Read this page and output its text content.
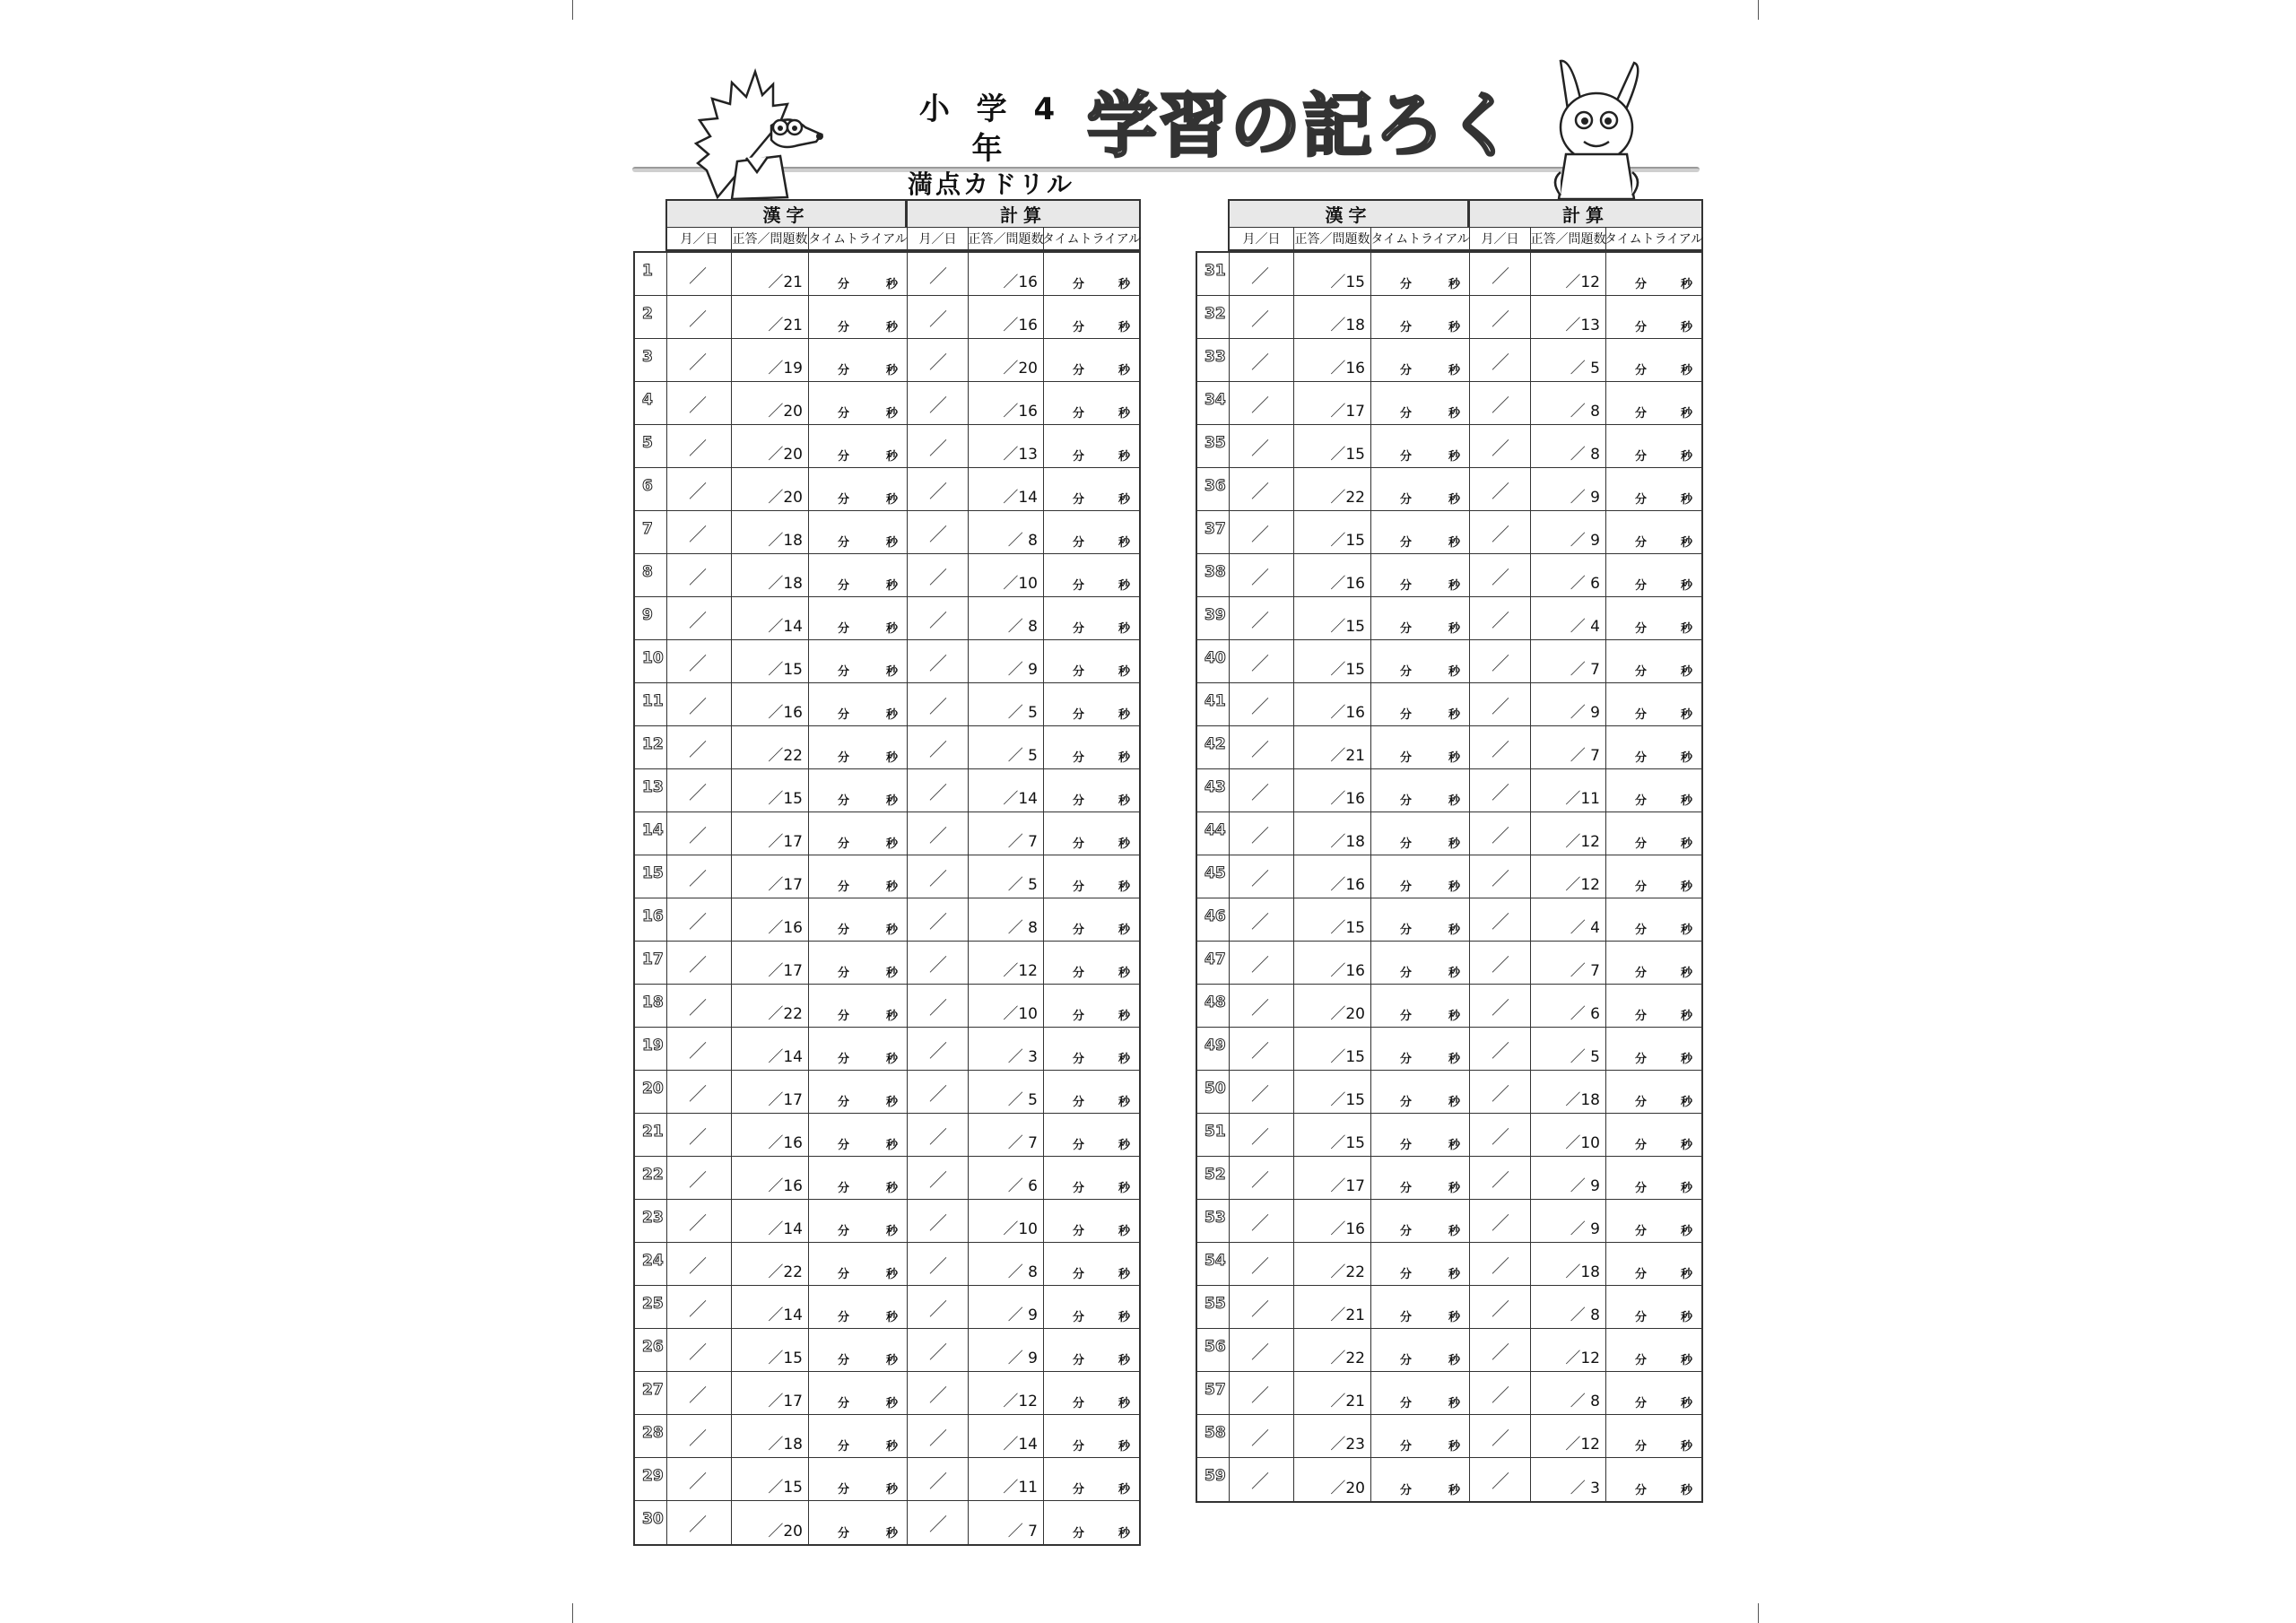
小 学 4 年
満点カドリル
学習の記ろく
漢字	計算
月／日	正答／問題数 タイムトライアル 月／日 正答／問題数
タイムトライアル
1	／	／21	分	秒 ／	／16	分	秒
2	／	／21	分	秒 ／	／16	分	秒
3	／	／19	分	秒 ／	／20	分	秒
4	／	／20	分	秒 ／	／16	分	秒
5	／	／20	分	秒 ／	／13	分	秒
6	／	／20	分	秒 ／	／14	分	秒
7	／	／18	分	秒 ／	／ 8	分	秒
8	／	／18	分	秒 ／	／10	分	秒
9	／	／14	分	秒 ／	／ 8	分	秒
10 ／	／15	分	秒 ／	／ 9	分	秒
11 ／	／16	分	秒 ／	／ 5	分	秒
12 ／	／22	分	秒 ／	／ 5	分	秒
13 ／	／15	分	秒 ／	／14	分	秒
14 ／	／17	分	秒 ／	／ 7	分	秒
15 ／	／17	分	秒 ／	／ 5	分	秒
16 ／	／16	分	秒 ／	／ 8	分	秒
17 ／	／17	分	秒 ／	／12	分	秒
18 ／	／22	分	秒 ／	／10	分	秒
19 ／	／14	分	秒 ／	／ 3	分	秒
20 ／	／17	分	秒 ／	／ 5	分	秒
21 ／	／16	分	秒 ／	／ 7	分	秒
22 ／	／16	分	秒 ／	／ 6	分	秒
23 ／	／14	分	秒 ／	／10	分	秒
24 ／	／22	分	秒 ／	／ 8	分	秒
25 ／	／14	分	秒 ／	／ 9	分	秒
26 ／	／15	分	秒 ／	／ 9	分	秒
27 ／	／17	分	秒 ／	／12	分	秒
28 ／	／18	分	秒 ／	／14	分	秒
29 ／	／15	分	秒 ／	／11	分	秒
30 ／	／20	分	秒 ／	／ 7	分	秒
漢字	計算
月／日	正答／問題数 タイムトライアル 月／日 正答／問題数
タイムトライアル
31 ／	／15	分	秒 ／	／12	分	秒
32 ／	／18	分	秒 ／	／13	分	秒
33 ／	／16	分	秒 ／	／ 5	分	秒
34 ／	／17	分	秒 ／	／ 8	分	秒
35 ／	／15	分	秒 ／	／ 8	分	秒
36 ／	／22	分	秒 ／	／ 9	分	秒
37 ／	／15	分	秒 ／	／ 9	分	秒
38 ／	／16	分	秒 ／	／ 6	分	秒
39 ／	／15	分	秒 ／	／ 4	分	秒
40 ／	／15	分	秒 ／	／ 7	分	秒
41 ／	／16	分	秒 ／	／ 9	分	秒
42 ／	／21	分	秒 ／	／ 7	分	秒
43 ／	／16	分	秒 ／	／11	分	秒
44 ／	／18	分	秒 ／	／12	分	秒
45 ／	／16	分	秒 ／	／12	分	秒
46 ／	／15	分	秒 ／	／ 4	分	秒
47 ／	／16	分	秒 ／	／ 7	分	秒
48 ／	／20	分	秒 ／	／ 6	分	秒
49 ／	／15	分	秒 ／	／ 5	分	秒
50 ／	／15	分	秒 ／	／18	分	秒
51 ／	／15	分	秒 ／	／10	分	秒
52 ／	／17	分	秒 ／	／ 9	分	秒
53 ／	／16	分	秒 ／	／ 9	分	秒
54 ／	／22	分	秒 ／	／18	分	秒
55 ／	／21	分	秒 ／	／ 8	分	秒
56 ／	／22	分	秒 ／	／12	分	秒
57 ／	／21	分	秒 ／	／ 8	分	秒
58 ／	／23	分	秒 ／	／12	分	秒
59 ／	／20	分	秒 ／	／ 3	分	秒
